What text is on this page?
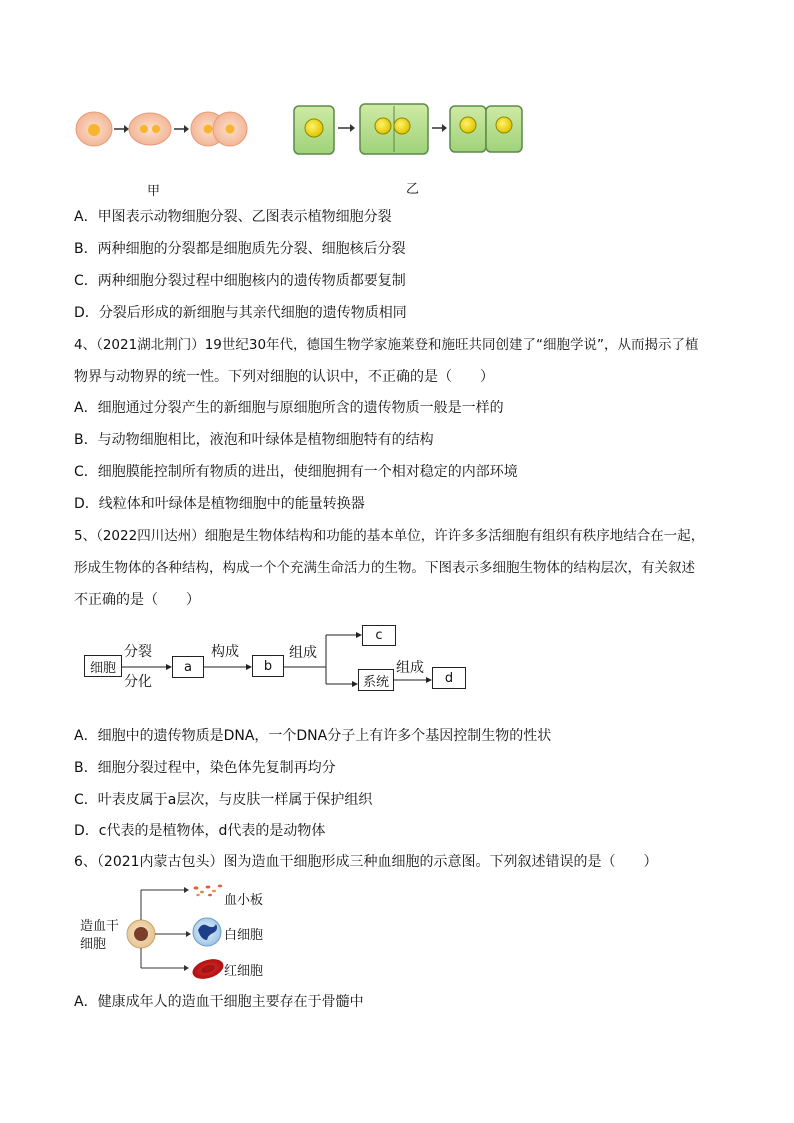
甲	乙
A．甲图表示动物细胞分裂、乙图表示植物细胞分裂
B．两种细胞的分裂都是细胞质先分裂、细胞核后分裂
C．两种细胞分裂过程中细胞核内的遗传物质都要复制
D．分裂后形成的新细胞与其亲代细胞的遗传物质相同
4、（2021湖北荆门）19世纪30年代，德国生物学家施莱登和施旺共同创建了“细胞学说”，从而揭示了植
物界与动物界的统一性。下列对细胞的认识中，不正确的是（　　）
A．细胞通过分裂产生的新细胞与原细胞所含的遗传物质一般是一样的
B．与动物细胞相比，液泡和叶绿体是植物细胞特有的结构
C．细胞膜能控制所有物质的进出，使细胞拥有一个相对稳定的内部环境
D．线粒体和叶绿体是植物细胞中的能量转换器
5、（2022四川达州）细胞是生物体结构和功能的基本单位，许许多多活细胞有组织有秩序地结合在一起，
形成生物体的各种结构，构成一个个充满生命活力的生物。下图表示多细胞生物体的结构层次，有关叙述
不正确的是（　　）
细胞	a	b
c
系统	d
分裂
分化
构成	组成
组成
A．细胞中的遗传物质是DNA，一个DNA分子上有许多个基因控制生物的性状
B．细胞分裂过程中，染色体先复制再均分
C．叶表皮属于a层次，与皮肤一样属于保护组织
D．c代表的是植物体，d代表的是动物体
6、（2021内蒙古包头）图为造血干细胞形成三种血细胞的示意图。下列叙述错误的是（　　）
造血干
细胞
血小板
白细胞
红细胞
A．健康成年人的造血干细胞主要存在于骨髓中
